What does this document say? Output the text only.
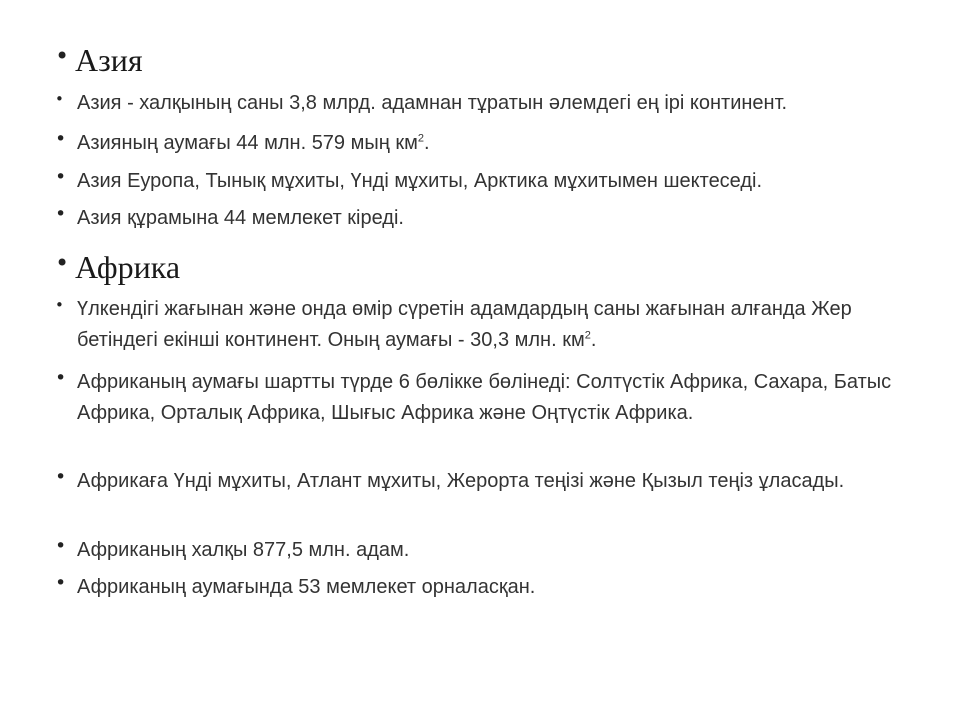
• Азия
• Азия - халқының саны 3,8 млрд. адамнан тұратын әлемдегі ең ірі континент.
• Азияның аумағы 44 млн. 579 мың $км^2$.
• Азия Еуропа, Тынық мұхиты, Үнді мұхиты, Арктика мұхитымен шектеседі.
• Азия құрамына 44 мемлекет кіреді.
• Африка
• Үлкендігі жағынан және онда өмір сүретін адамдардың саны жағынан алғанда Жер бетіндегі екінші континент. Оның аумағы - 30,3 млн. $км^2$.
• Африканың аумағы шартты түрде 6 бөлікке бөлінеді: Солтүстік Африка, Сахара, Батыс Африка, Орталық Африка, Шығыс Африка және Оңтүстік Африка.
• Африкаға Үнді мұхиты, Атлант мұхиты, Жерорта теңізі және Қызыл теңіз ұласады.
• Африканың халқы 877,5 млн. адам.
• Африканың аумағында 53 мемлекет орналасқан.
